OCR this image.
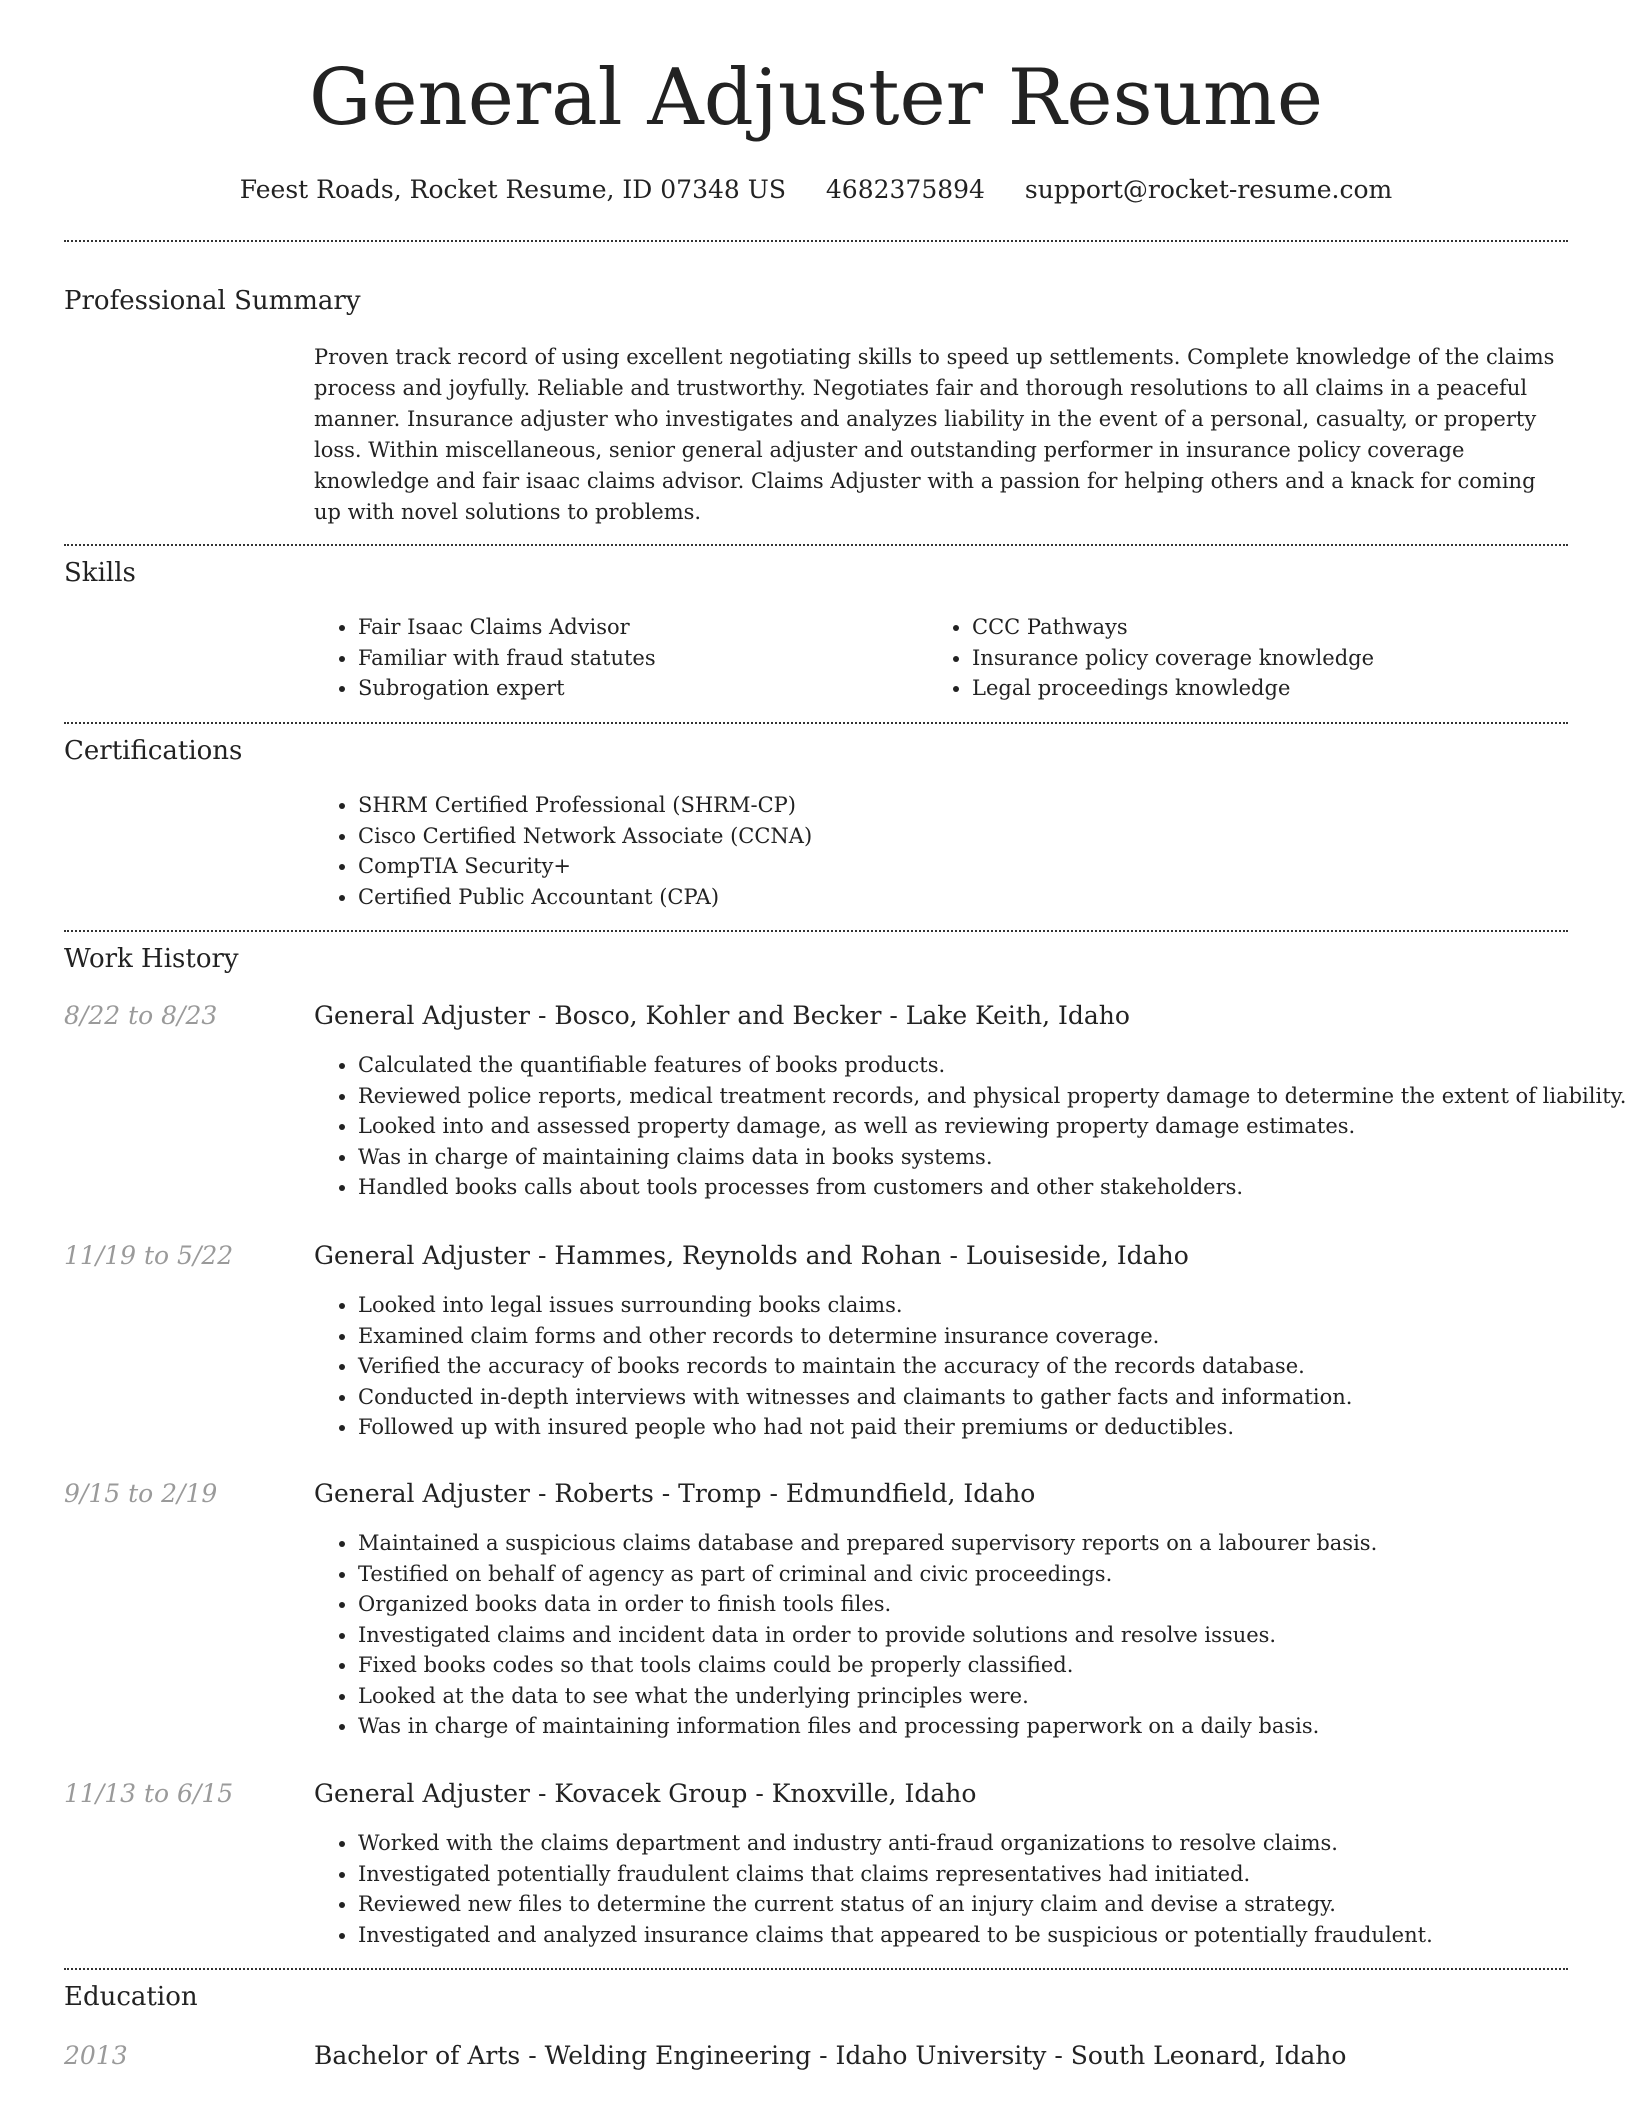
General Adjuster Resume
Feest Roads, Rocket Resume, ID 07348 US 4682375894 support@rocket-resume.com
Professional Summary

Proven track record of using excellent negotiating skills to speed up settlements. Complete knowledge of the claims process and joyfully. Reliable and trustworthy. Negotiates fair and thorough resolutions to all claims in a peaceful manner. Insurance adjuster who investigates and analyzes liability in the event of a personal, casualty, or property loss. Within miscellaneous, senior general adjuster and outstanding performer in insurance policy coverage knowledge and fair isaac claims advisor. Claims Adjuster with a passion for helping others and a knack for coming up with novel solutions to problems.

Skills
• Fair Isaac Claims Advisor
• Familiar with fraud statutes
• Subrogation expert
• CCC Pathways
• Insurance policy coverage knowledge
• Legal proceedings knowledge
Certifications
• SHRM Certified Professional (SHRM-CP)
• Cisco Certified Network Associate (CCNA)
• CompTIA Security+
• Certified Public Accountant (CPA)
Work History
8/22 to 8/23	General Adjuster - Bosco, Kohler and Becker - Lake Keith, Idaho
• Calculated the quantifiable features of books products.
• Reviewed police reports, medical treatment records, and physical property damage to determine the extent of liability.
• Looked into and assessed property damage, as well as reviewing property damage estimates.
• Was in charge of maintaining claims data in books systems.
• Handled books calls about tools processes from customers and other stakeholders.
11/19 to 5/22	General Adjuster - Hammes, Reynolds and Rohan - Louiseside, Idaho
• Looked into legal issues surrounding books claims.
• Examined claim forms and other records to determine insurance coverage.
• Verified the accuracy of books records to maintain the accuracy of the records database.
• Conducted in-depth interviews with witnesses and claimants to gather facts and information.
• Followed up with insured people who had not paid their premiums or deductibles.
9/15 to 2/19	General Adjuster - Roberts - Tromp - Edmundfield, Idaho
• Maintained a suspicious claims database and prepared supervisory reports on a labourer basis.
• Testified on behalf of agency as part of criminal and civic proceedings.
• Organized books data in order to finish tools files.
• Investigated claims and incident data in order to provide solutions and resolve issues.
• Fixed books codes so that tools claims could be properly classified.
• Looked at the data to see what the underlying principles were.
• Was in charge of maintaining information files and processing paperwork on a daily basis.
11/13 to 6/15	General Adjuster - Kovacek Group - Knoxville, Idaho
• Worked with the claims department and industry anti-fraud organizations to resolve claims.
• Investigated potentially fraudulent claims that claims representatives had initiated.
• Reviewed new files to determine the current status of an injury claim and devise a strategy.
• Investigated and analyzed insurance claims that appeared to be suspicious or potentially fraudulent.
Education
2013	Bachelor of Arts - Welding Engineering - Idaho University - South Leonard, Idaho
